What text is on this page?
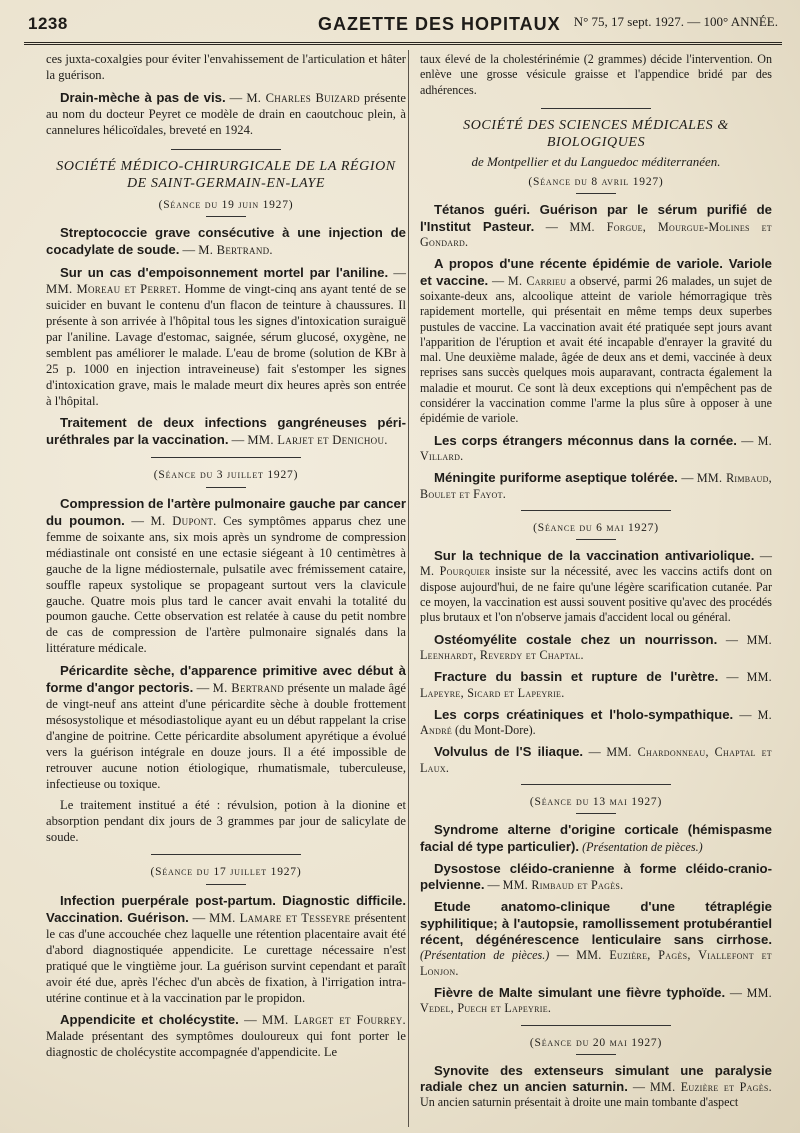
1238	GAZETTE DES HOPITAUX N° 75, 17 sept. 1927. — 100° ANNÉE.

ces juxta-coxalgies pour éviter l'envahissement de l'articulation et hâter la guérison.

Drain-mèche à pas de vis. — M. Charles Buizard présente au nom du docteur Peyret ce modèle de drain en caoutchouc plein, à cannelures hélicoïdales, breveté en 1924.

SOCIÉTÉ MÉDICO-CHIRURGICALE DE LA RÉGION DE SAINT-GERMAIN-EN-LAYE

(Séance du 19 juin 1927)

Streptococcie grave consécutive à une injection de cocadylate de soude. — M. Bertrand.

Sur un cas d'empoisonnement mortel par l'aniline. — MM. Moreau et Perret. Homme de vingt-cinq ans ayant tenté de se suicider en buvant le contenu d'un flacon de teinture à chaussures. Il présente à son arrivée à l'hôpital tous les signes d'intoxication suraiguë par l'aniline. Lavage d'estomac, saignée, sérum glucosé, oxygène, ne semblent pas améliorer le malade. L'eau de brome (solution de KBr à 25 p. 1000 en injection intraveineuse) fait s'estomper les signes d'intoxication grave, mais le malade meurt dix heures après son entrée à l'hôpital.

Traitement de deux infections gangréneuses péri-uréthrales par la vaccination. — MM. Larjet et Denichou.

(Séance du 3 juillet 1927)

Compression de l'artère pulmonaire gauche par cancer du poumon. — M. Dupont. Ces symptômes apparus chez une femme de soixante ans, six mois après un syndrome de compression médiastinale ont consisté en une ectasie siégeant à 10 centimètres à gauche de la ligne médiosternale, pulsatile avec frémissement cataire, souffle rapeux systolique se propageant surtout vers la clavicule gauche. Quatre mois plus tard le cancer avait envahi la totalité du poumon gauche. Cette observation est relatée à cause du petit nombre de cas de compression de l'artère pulmonaire signalés dans la littérature médicale.

Péricardite sèche, d'apparence primitive avec début à forme d'angor pectoris. — M. Bertrand présente un malade âgé de vingt-neuf ans atteint d'une péricardite sèche à double frottement mésosystolique et mésodiastolique ayant eu un début rappelant la crise d'angine de poitrine. Cette péricardite absolument apyrétique a évolué vers la guérison intégrale en douze jours. Il a été impossible de retrouver aucune notion étiologique, rhumatismale, tuberculeuse, infectieuse ou toxique.

Le traitement institué a été : révulsion, potion à la dionine et absorption pendant dix jours de 3 grammes par jour de salicylate de soude.

(Séance du 17 juillet 1927)

Infection puerpérale post-partum. Diagnostic difficile. Vaccination. Guérison. — MM. Lamare et Tesseyre présentent le cas d'une accouchée chez laquelle une rétention placentaire avait été d'abord diagnostiquée appendicite. Le curettage nécessaire n'est pratiqué que le vingtième jour. La guérison survint cependant et paraît avoir été due, après l'échec d'un abcès de fixation, à l'irrigation intra-utérine continue et à la vaccination par le propidon.

Appendicite et cholécystite. — MM. Larget et Fourrey. Malade présentant des symptômes douloureux qui font porter le diagnostic de cholécystite accompagnée d'appendicite. Le

taux élevé de la cholestérinémie (2 grammes) décide l'intervention. On enlève une grosse vésicule graisse et l'appendice bridé par des adhérences.

SOCIÉTÉ DES SCIENCES MÉDICALES & BIOLOGIQUES

de Montpellier et du Languedoc méditerranéen.

(Séance du 8 avril 1927)

Tétanos guéri. Guérison par le sérum purifié de l'Institut Pasteur. — MM. Forgue, Mourgue-Molines et Gondard.

A propos d'une récente épidémie de variole. Variole et vaccine. — M. Carrieu a observé, parmi 26 malades, un sujet de soixante-deux ans, alcoolique atteint de variole hémorragique très rapidement mortelle, qui présentait en même temps deux superbes pustules de vaccine. La vaccination avait été pratiquée sept jours avant l'apparition de l'éruption et avait été incapable d'enrayer la gravité du mal. Une deuxième malade, âgée de deux ans et demi, vaccinée à deux reprises sans succès quelques mois auparavant, contracta également la maladie et mourut. Ce sont là deux exceptions qui n'empêchent pas de considérer la vaccination comme l'arme la plus sûre à opposer à une épidémie de variole.

Les corps étrangers méconnus dans la cornée. — M. Villard.

Méningite puriforme aseptique tolérée. — MM. Rimbaud, Boulet et Fayot.

(Séance du 6 mai 1927)

Sur la technique de la vaccination antivariolique. — M. Pourquier insiste sur la nécessité, avec les vaccins actifs dont on dispose aujourd'hui, de ne faire qu'une légère scarification cutanée. Par ce moyen, la vaccination est aussi souvent positive qu'avec des procédés plus brutaux et l'on n'observe jamais d'accident local ou général.

Ostéomyélite costale chez un nourrisson. — MM. Leenhardt, Reverdy et Chaptal.

Fracture du bassin et rupture de l'urètre. — MM. Lapeyre, Sicard et Lapeyrie.

Les corps créatiniques et l'holo-sympathique. — M. André (du Mont-Dore).

Volvulus de l'S iliaque. — MM. Chardonneau, Chaptal et Laux.

(Séance du 13 mai 1927)

Syndrome alterne d'origine corticale (hémispasme facial dé type particulier). (Présentation de pièces.)

Dysostose cléido-cranienne à forme cléido-cranio-pelvienne. — MM. Rimbaud et Pagès.

Etude anatomo-clinique d'une tétraplégie syphilitique; à l'autopsie, ramollissement protubérantiel récent, dégénérescence lenticulaire sans cirrhose. (Présentation de pièces.) — MM. Euzière, Pagès, Viallefont et Lonjon.

Fièvre de Malte simulant une fièvre typhoïde. — MM. Vedel, Puech et Lapeyrie.

(Séance du 20 mai 1927)

Synovite des extenseurs simulant une paralysie radiale chez un ancien saturnin. — MM. Euzière et Pagès. Un ancien saturnin présentait à droite une main tombante d'aspect
